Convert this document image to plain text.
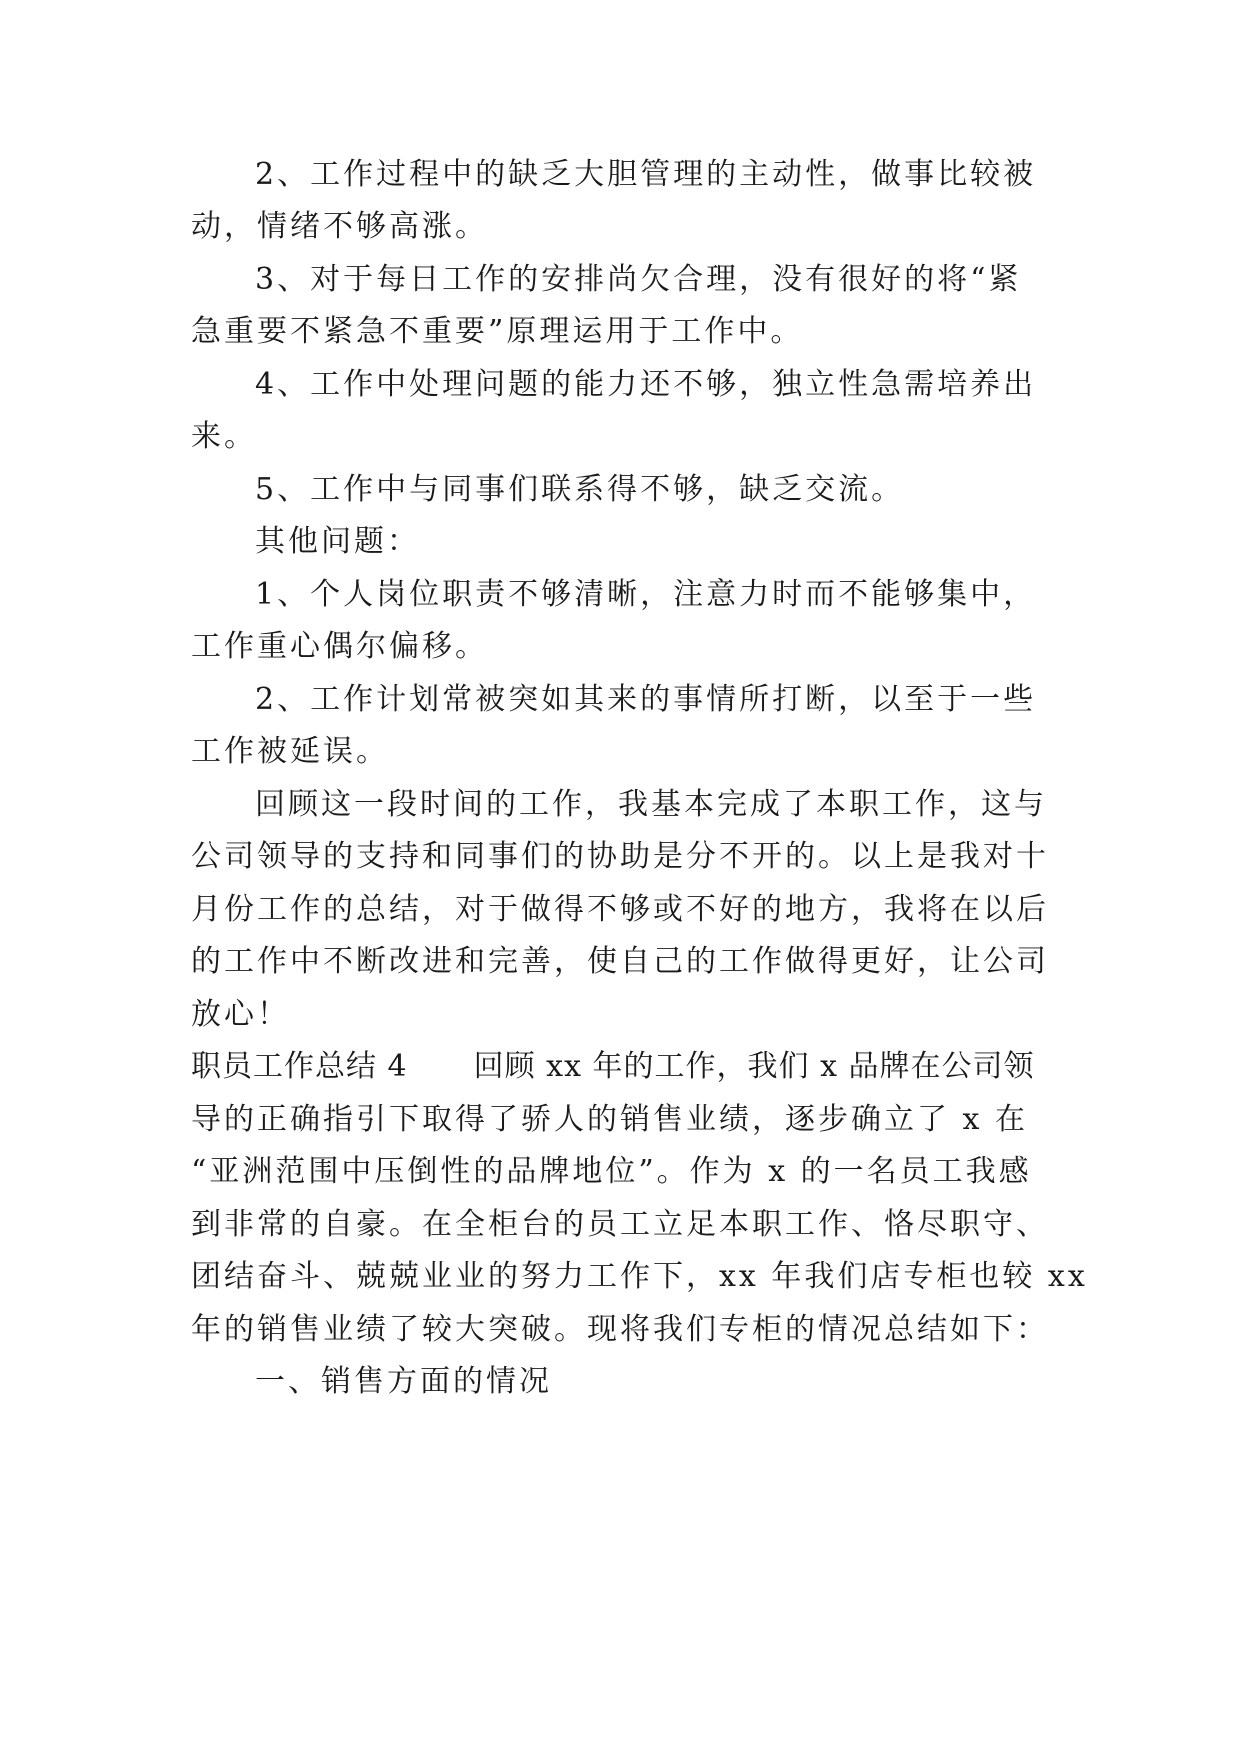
2、工作过程中的缺乏大胆管理的主动性，做事比较被
动，情绪不够高涨。
3、对于每日工作的安排尚欠合理，没有很好的将“紧
急重要不紧急不重要”原理运用于工作中。
4、工作中处理问题的能力还不够，独立性急需培养出
来。
5、工作中与同事们联系得不够，缺乏交流。
其他问题：
1、个人岗位职责不够清晰，注意力时而不能够集中，
工作重心偶尔偏移。
2、工作计划常被突如其来的事情所打断，以至于一些
工作被延误。
回顾这一段时间的工作，我基本完成了本职工作，这与
公司领导的支持和同事们的协助是分不开的。以上是我对十
月份工作的总结，对于做得不够或不好的地方，我将在以后
的工作中不断改进和完善，使自己的工作做得更好，让公司
放心！
职员工作总结 4 回顾 xx 年的工作，我们 x 品牌在公司领
导的正确指引下取得了骄人的销售业绩，逐步确立了 x 在
“亚洲范围中压倒性的品牌地位”。作为 x 的一名员工我感
到非常的自豪。在全柜台的员工立足本职工作、恪尽职守、
团结奋斗、兢兢业业的努力工作下，xx 年我们店专柜也较 xx
年的销售业绩了较大突破。现将我们专柜的情况总结如下：
一、销售方面的情况
